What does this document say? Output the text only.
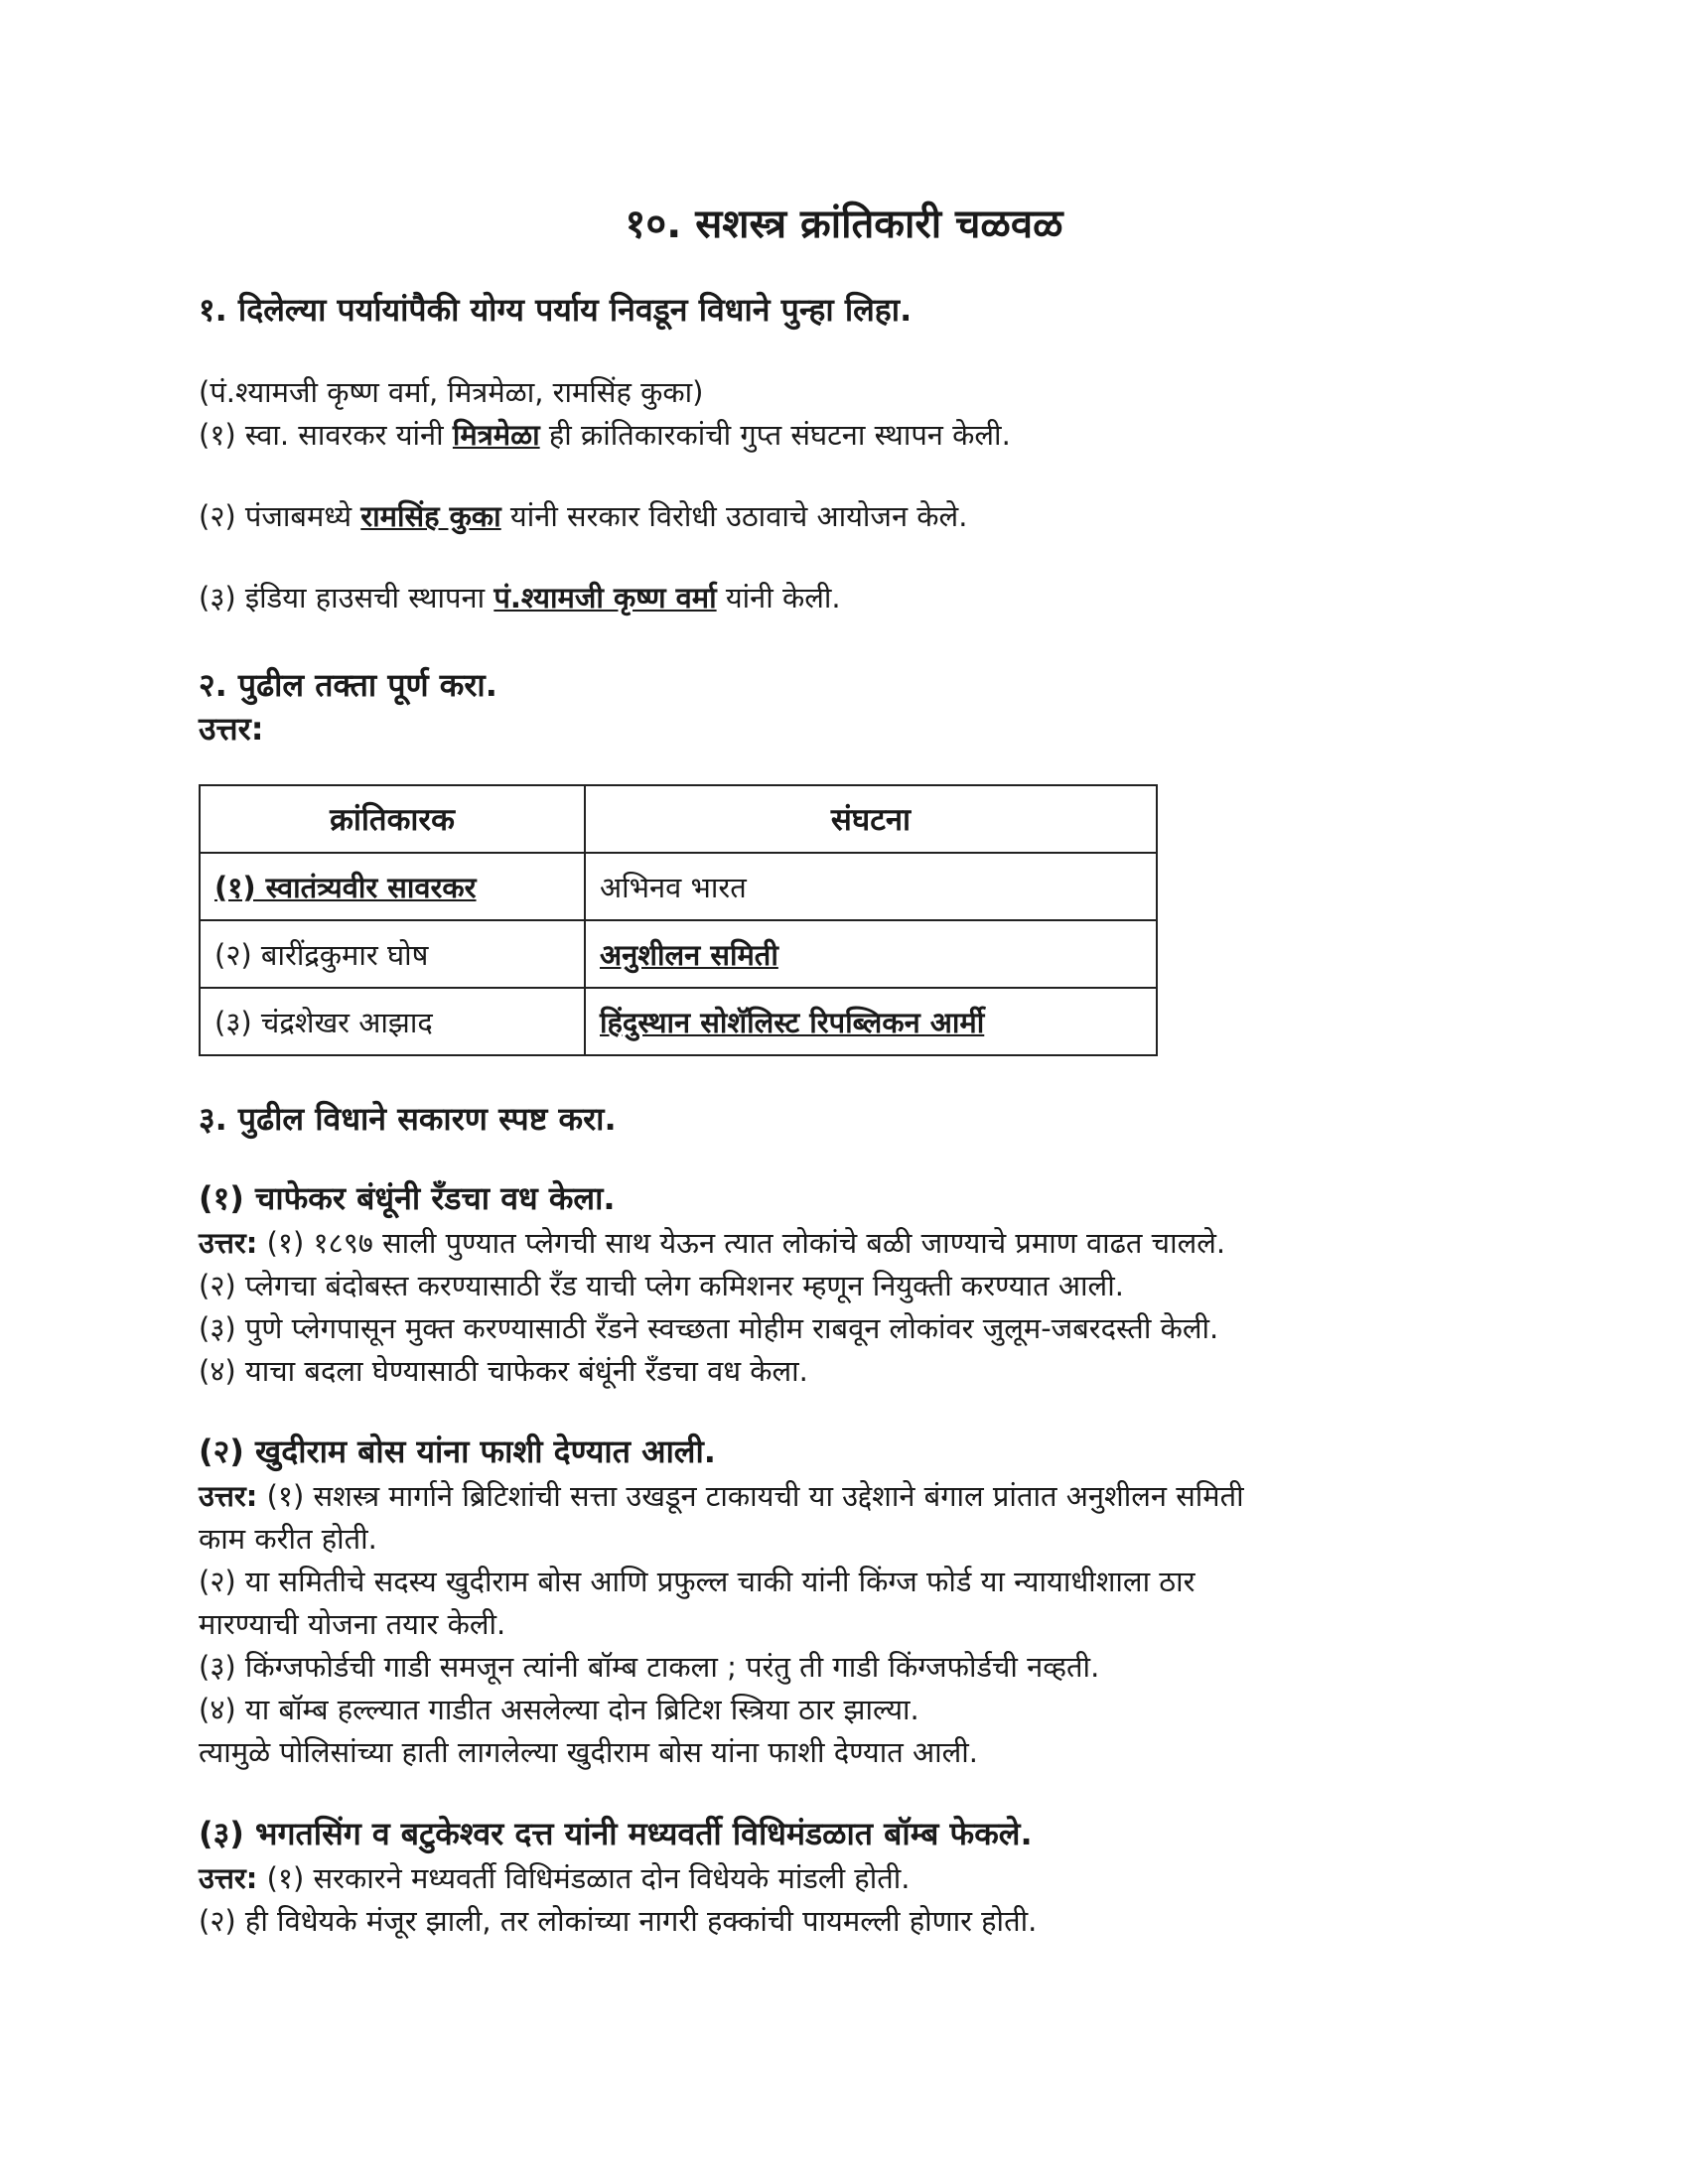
१०. सशस्त्र क्रांतिकारी चळवळ
१. दिलेल्या पर्यायांपैकी योग्य पर्याय निवडून विधाने पुन्हा लिहा.
(पं.श्यामजी कृष्ण वर्मा, मित्रमेळा, रामसिंह कुका)
(१) स्वा. सावरकर यांनी मित्रमेळा ही क्रांतिकारकांची गुप्त संघटना स्थापन केली.
(२) पंजाबमध्ये रामसिंह कुका यांनी सरकार विरोधी उठावाचे आयोजन केले.
(३) इंडिया हाउसची स्थापना पं.श्यामजी कृष्ण वर्मा यांनी केली.
२. पुढील तक्ता पूर्ण करा.
उत्तर:
क्रांतिकारक	संघटना
(१) स्वातंत्र्यवीर सावरकर	अभिनव भारत
(२) बारींद्रकुमार घोष	अनुशीलन समिती
(३) चंद्रशेखर आझाद	हिंदुस्थान सोशॅलिस्ट रिपब्लिकन आर्मी
३. पुढील विधाने सकारण स्पष्ट करा.
(१) चाफेकर बंधूंनी रँडचा वध केला.
उत्तर: (१) १८९७ साली पुण्यात प्लेगची साथ येऊन त्यात लोकांचे बळी जाण्याचे प्रमाण वाढत चालले.
(२) प्लेगचा बंदोबस्त करण्यासाठी रँड याची प्लेग कमिशनर म्हणून नियुक्ती करण्यात आली.
(३) पुणे प्लेगपासून मुक्त करण्यासाठी रँडने स्वच्छता मोहीम राबवून लोकांवर जुलूम-जबरदस्ती केली.
(४) याचा बदला घेण्यासाठी चाफेकर बंधूंनी रँडचा वध केला.
(२) खुदीराम बोस यांना फाशी देण्यात आली.
उत्तर: (१) सशस्त्र मार्गाने ब्रिटिशांची सत्ता उखडून टाकायची या उद्देशाने बंगाल प्रांतात अनुशीलन समिती
काम करीत होती.
(२) या समितीचे सदस्य खुदीराम बोस आणि प्रफुल्ल चाकी यांनी किंग्ज फोर्ड या न्यायाधीशाला ठार
मारण्याची योजना तयार केली.
(३) किंग्जफोर्डची गाडी समजून त्यांनी बॉम्ब टाकला ; परंतु ती गाडी किंग्जफोर्डची नव्हती.
(४) या बॉम्ब हल्ल्यात गाडीत असलेल्या दोन ब्रिटिश स्त्रिया ठार झाल्या.
त्यामुळे पोलिसांच्या हाती लागलेल्या खुदीराम बोस यांना फाशी देण्यात आली.
(३) भगतसिंग व बटुकेश्वर दत्त यांनी मध्यवर्ती विधिमंडळात बॉम्ब फेकले.
उत्तर: (१) सरकारने मध्यवर्ती विधिमंडळात दोन विधेयके मांडली होती.
(२) ही विधेयके मंजूर झाली, तर लोकांच्या नागरी हक्कांची पायमल्ली होणार होती.
